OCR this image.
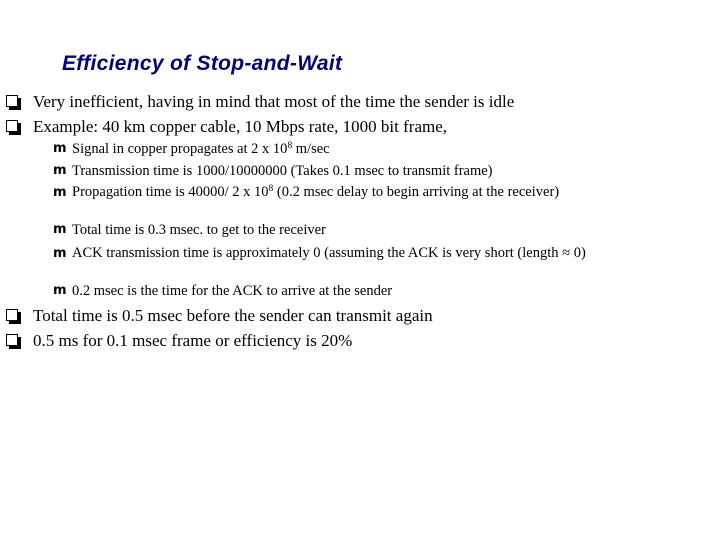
Efficiency of Stop-and-Wait
Very inefficient, having in mind that most of the time the sender is idle
Example: 40 km copper cable, 10 Mbps rate, 1000 bit frame,
m Signal in copper propagates at 2 x $10^8$ m/sec
m Transmission time is 1000/10000000 (Takes 0.1 msec to transmit frame)
m Propagation time is 40000/ 2 x $10^8$ (0.2 msec delay to begin arriving at the receiver)
m Total time is 0.3 msec. to get to the receiver
m ACK transmission time is approximately 0 (assuming the ACK is very short (length ≈ 0)
m 0.2 msec is the time for the ACK to arrive at the sender
Total time is 0.5 msec before the sender can transmit again
0.5 ms for 0.1 msec frame or efficiency is 20%
